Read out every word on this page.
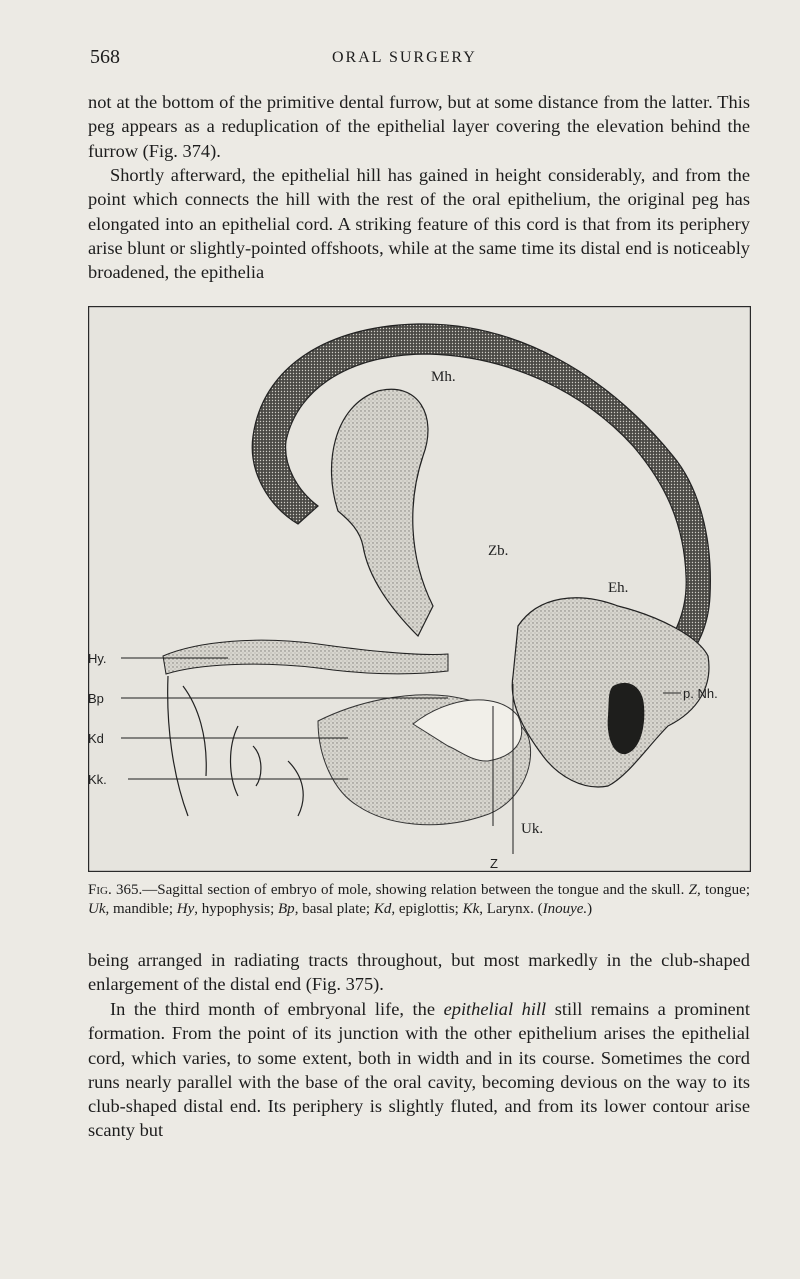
568	ORAL SURGERY

not at the bottom of the primitive dental furrow, but at some distance from the latter. This peg appears as a reduplication of the epithelial layer covering the elevation behind the furrow (Fig. 374).

Shortly afterward, the epithelial hill has gained in height considerably, and from the point which connects the hill with the rest of the oral epithelium, the original peg has elongated into an epithelial cord. A striking feature of this cord is that from its periphery arise blunt or slightly-pointed offshoots, while at the same time its distal end is noticeably broadened, the epithelia

Mh.
Zb.
Eh.
Hy.
Bp
Kd
Kk.
p. Nh.
Uk.
Z

Fig. 365.—Sagittal section of embryo of mole, showing relation between the tongue and the skull. Z, tongue; Uk, mandible; Hy, hypophysis; Bp, basal plate; Kd, epiglottis; Kk, Larynx. (Inouye.)

being arranged in radiating tracts throughout, but most markedly in the club-shaped enlargement of the distal end (Fig. 375).

In the third month of embryonal life, the epithelial hill still remains a prominent formation. From the point of its junction with the other epithelium arises the epithelial cord, which varies, to some extent, both in width and in its course. Sometimes the cord runs nearly parallel with the base of the oral cavity, becoming devious on the way to its club-shaped distal end. Its periphery is slightly fluted, and from its lower contour arise scanty but
